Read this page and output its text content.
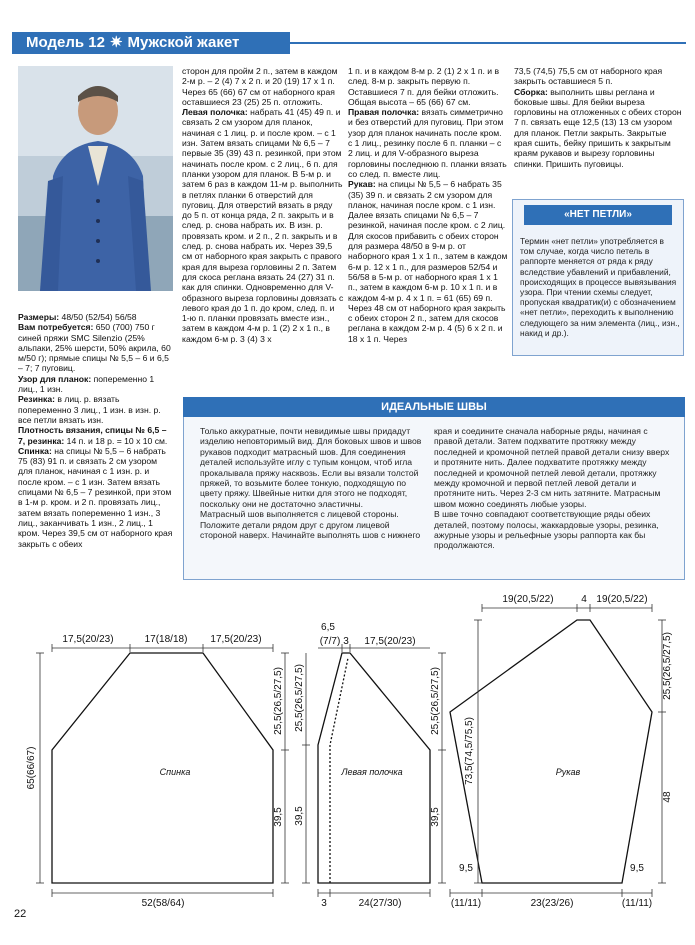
Модель 12 ✷ Мужской жакет
Размеры: 48/50 (52/54) 56/58
Вам потребуется: 650 (700) 750 г синей пряжи SMC Silenzio (25% альпаки, 25% шерсти, 50% акрила, 60 м/50 г); прямые спицы № 5,5 – 6 и 6,5 – 7; 7 пуговиц.
Узор для планок: попеременно 1 лиц., 1 изн.
Резинка: в лиц. р. вязать попеременно 3 лиц., 1 изн. в изн. р. все петли вязать изн.
Плотность вязания, спицы № 6,5 – 7, резинка: 14 п. и 18 р. = 10 х 10 см.
Спинка: на спицы № 5,5 – 6 набрать 75 (83) 91 п. и связать 2 см узором для планок, начиная с 1 изн. р. и после кром. – с 1 изн. Затем вязать спицами № 6,5 – 7 резинкой, при этом в 1-м р. кром. и 2 п. провязать лиц., затем вязать попеременно 1 изн., 3 лиц., заканчивать 1 изн., 2 лиц., 1 кром. Через 39,5 см от наборного края закрыть с обеих
сторон для пройм 2 п., затем в каждом 2-м р. – 2 (4) 7 x 2 п. и 20 (19) 17 x 1 п. Через 65 (66) 67 см от наборного края оставшиеся 23 (25) 25 п. отложить.
Левая полочка: набрать 41 (45) 49 п. и связать 2 см узором для планок, начиная с 1 лиц. р. и после кром. – с 1 изн. Затем вязать спицами № 6,5 – 7 первые 35 (39) 43 п. резинкой, при этом начинать после кром. с 2 лиц., 6 п. для планки узором для планок. В 5-м р. и затем 6 раз в каждом 11-м р. выполнить в петлях планки 6 отверстий для пуговиц. Для отверстий вязать в ряду до 5 п. от конца ряда, 2 п. закрыть и в след. р. снова набрать их. В изн. р. провязать кром. и 2 п., 2 п. закрыть и в след. р. снова набрать их. Через 39,5 см от наборного края закрыть с правого края для выреза горловины 2 п. Затем для скоса реглана вязать 24 (27) 31 п. как для спинки. Одновременно для V-образного выреза горловины довязать с левого края до 1 п. до кром, след. п. и 1-ю п. планки провязать вместе изн., затем в каждом 4-м р. 1 (2) 2 x 1 п., в каждом 6-м р. 3 (4) 3 x
1 п. и в каждом 8-м р. 2 (1) 2 x 1 п. и в след. 8-м р. закрыть первую п. Оставшиеся 7 п. для бейки отложить. Общая высота – 65 (66) 67 см.
Правая полочка: вязать симметрично и без отверстий для пуговиц. При этом узор для планок начинать после кром. с 1 лиц., резинку после 6 п. планки – с 2 лиц. и для V-образного выреза горловины последнюю п. планки вязать со след. п. вместе лиц.
Рукав: на спицы № 5,5 – 6 набрать 35 (35) 39 п. и связать 2 см узором для планок, начиная после кром. с 1 изн. Далее вязать спицами № 6,5 – 7 резинкой, начиная после кром. с 2 лиц. Для скосов прибавить с обеих сторон для размера 48/50 в 9-м р. от наборного края 1 x 1 п., затем в каждом 6-м р. 12 x 1 п., для размеров 52/54 и 56/58 в 5-м р. от наборного края 1 x 1 п., затем в каждом 6-м р. 10 x 1 п. и в каждом 4-м р. 4 x 1 п. = 61 (65) 69 п. Через 48 см от наборного края закрыть с обеих сторон 2 п., затем для скосов реглана в каждом 2-м р. 4 (5) 6 x 2 п. и 18 x 1 п. Через
73,5 (74,5) 75,5 см от наборного края закрыть оставшиеся 5 п.
Сборка: выполнить швы реглана и боковые швы. Для бейки выреза горловины на отложенных с обеих сторон 7 п. связать еще 12,5 (13) 13 см узором для планок. Петли закрыть. Закрытые края сшить, бейку пришить к закрытым краям рукавов и вырезу горловины спинки. Пришить пуговицы.
«НЕТ ПЕТЛИ»
Термин «нет петли» употребляется в том случае, когда число петель в раппорте меняется от ряда к ряду вследствие убавлений и прибавлений, происходящих в процессе вывязывания узора. При чтении схемы следует, пропуская квадратик(и) с обозначением «нет петли», переходить к выполнению следующего за ним элемента (лиц., изн., накид и др.).
ИДЕАЛЬНЫЕ ШВЫ
Только аккуратные, почти невидимые швы придадут изделию неповторимый вид. Для боковых швов и швов рукавов подходит матрасный шов. Для соединения деталей используйте иглу с тупым концом, чтоб игла прокалывала пряжу насквозь. Если вы вязали толстой пряжей, то возьмите более тонкую, подходящую по цвету пряжу. Швейные нитки для этого не подходят, поскольку они не достаточно эластичны.
Матрасный шов выполняется с лицевой стороны. Положите детали рядом друг с другом лицевой стороной наверх. Начинайте выполнять шов с нижнего
края и соедините сначала наборные ряды, начиная с правой детали. Затем подхватите протяжку между последней и кромочной петлей правой детали снизу вверх и протяните нить. Далее подхватите протяжку между последней и кромочной петлей левой детали, протяжку между кромочной и первой петлей левой детали и протяните нить. Через 2-3 см нить затяните. Матрасным швом можно соединять любые узоры.
В шве точно совпадают соответствующие ряды обеих деталей, поэтому полосы, жаккардовые узоры, резинка, ажурные узоры и рельефные узоры раппорта как бы продолжаются.
Спинка
17,5(20/23)	17(18/18) 17,5(20/23)
65(66/67)
25,5(26,5/27,5)
39,5
52(58/64)
Левая полочка
6,5
(7/7) 3 17,5(20/23)
25,5(26,5/27,5)
39,5
25,5(26,5/27,5)
39,5
3	24(27/30)
Рукав
19(20,5/22)	4 19(20,5/22)
73,5(74,5/75,5)
25,5(26,5/27,5)
48
9,5
(11/11)	23(23/26)
9,5
(11/11)
22
